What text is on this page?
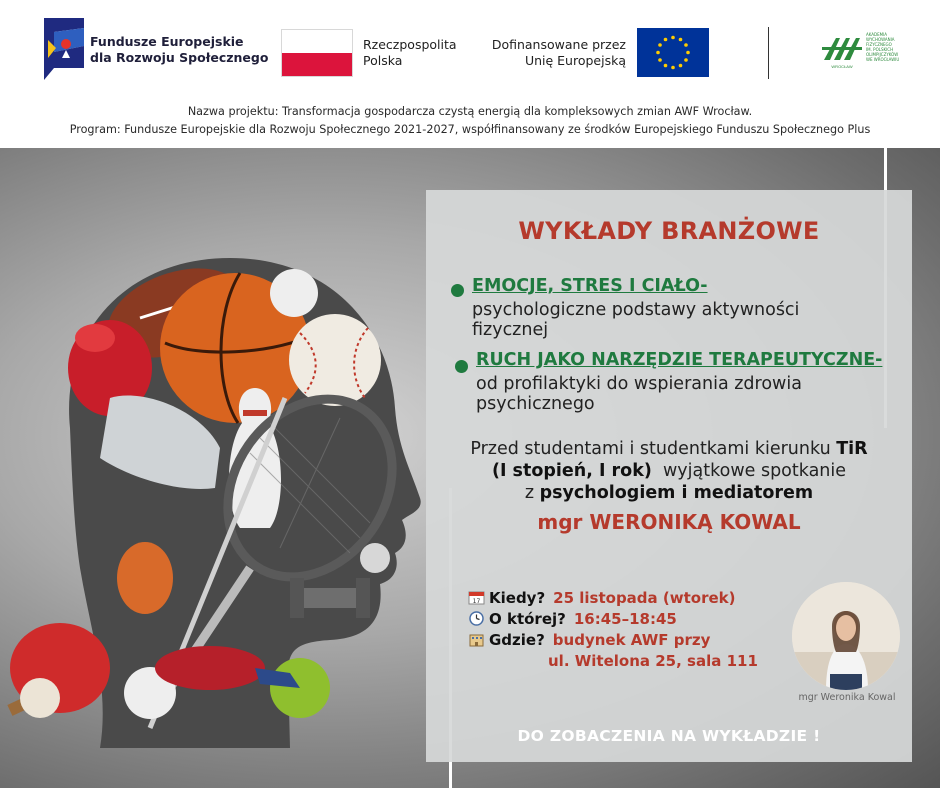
Fundusze Europejskie
dla Rozwoju Społecznego
Rzeczpospolita
Polska
Dofinansowane przez
Unię Europejską	WROCŁAW
AKADEMIA
WYCHOWANIA
FIZYCZNEGO
IM. POLSKICH
OLIMPIJCZYKÓW
WE WROCŁAWIU
Nazwa projektu: Transformacja gospodarcza czystą energią dla kompleksowych zmian AWF Wrocław.
Program: Fundusze Europejskie dla Rozwoju Społecznego 2021-2027, współfinansowany ze środków Europejskiego Funduszu Społecznego Plus
WYKŁADY BRANŻOWE
EMOCJE, STRES I CIAŁO-
psychologiczne podstawy aktywności
fizycznej
RUCH JAKO NARZĘDZIE TERAPEUTYCZNE-
od profilaktyki do wspierania zdrowia
psychicznego
Przed studentami i studentkami kierunku TiR
(I stopień, I rok)  wyjątkowe spotkanie
z psychologiem i mediatorem
mgr WERONIKĄ KOWAL
17 Kiedy? 25 listopada (wtorek)
O której? 16:45–18:45
Gdzie? budynek AWF przy
ul. Witelona 25, sala 111
mgr Weronika Kowal
DO ZOBACZENIA NA WYKŁADZIE !
